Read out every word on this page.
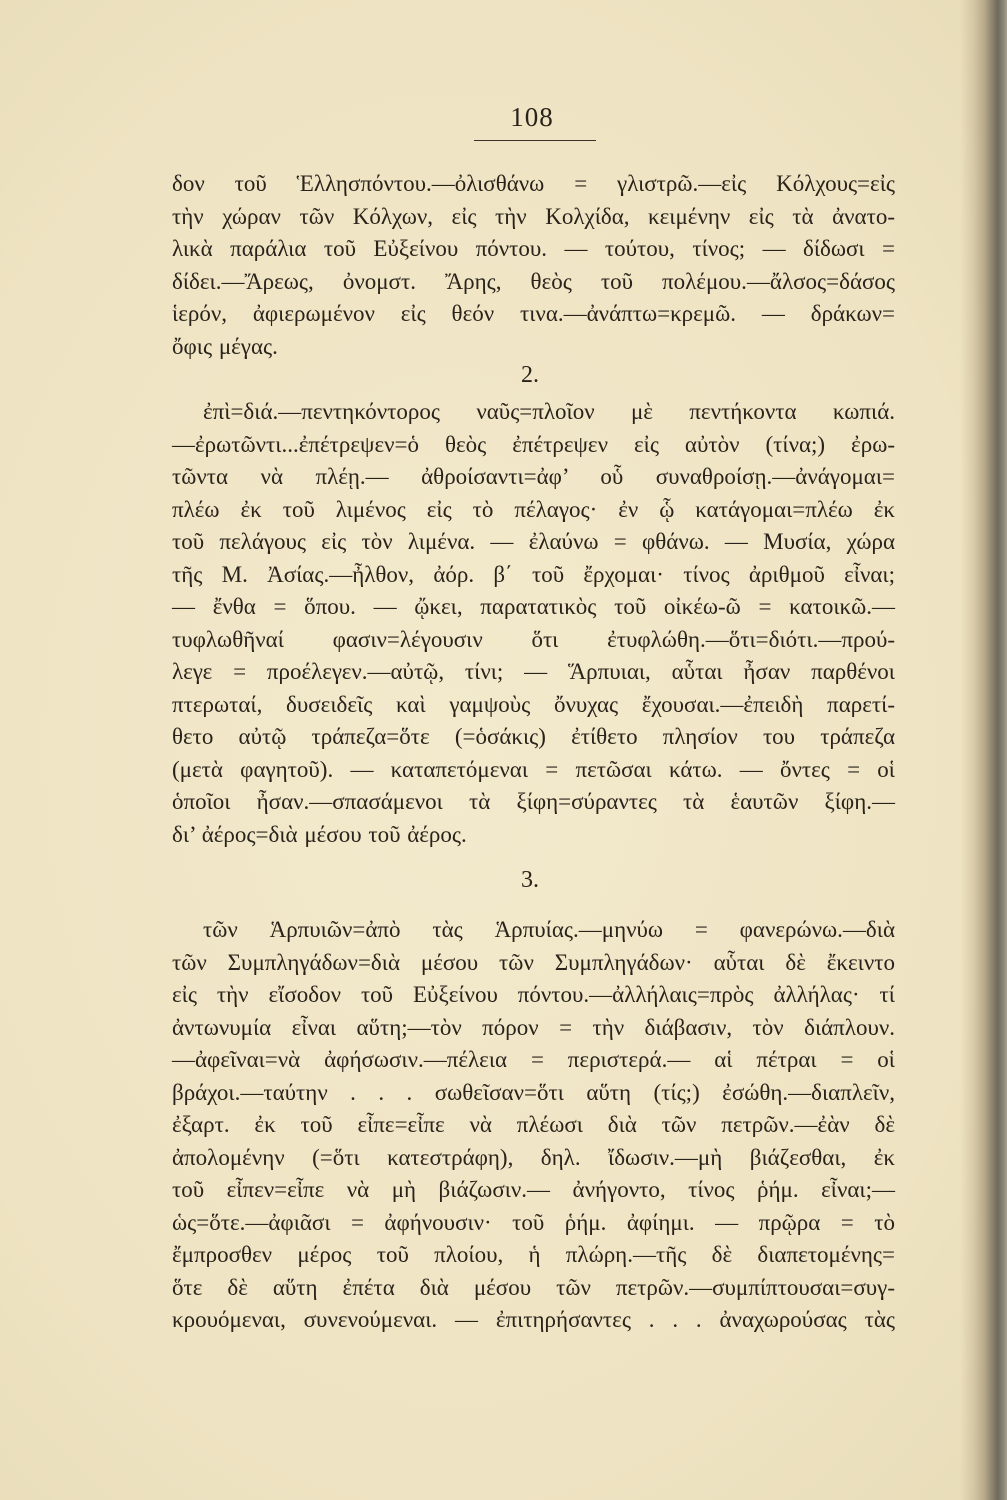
108
δον τοῦ Ἑλλησπόντου.—ὀλισθάνω = γλιστρῶ.—εἰς Κόλχους=εἰς
τὴν χώραν τῶν Κόλχων, εἰς τὴν Κολχίδα, κειμένην εἰς τὰ ἀνατο-
λικὰ παράλια τοῦ Εὐξείνου πόντου. — τούτου, τίνος; — δίδωσι =
δίδει.—Ἄρεως, ὀνομστ. Ἄρης, θεὸς τοῦ πολέμου.—ἄλσος=δάσος
ἱερόν, ἀφιερωμένον εἰς θεόν τινα.—ἀνάπτω=κρεμῶ. — δράκων=
ὄφις μέγας.
2.
ἐπὶ=διά.—πεντηκόντορος ναῦς=πλοῖον μὲ πεντήκοντα κωπιά.
—ἐρωτῶντι...ἐπέτρεψεν=ὁ θεὸς ἐπέτρεψεν εἰς αὐτὸν (τίνα;) ἐρω-
τῶντα νὰ πλέῃ.— ἀθροίσαντι=ἀφ’ οὗ συναθροίσῃ.—ἀνάγομαι=
πλέω ἐκ τοῦ λιμένος εἰς τὸ πέλαγος· ἐν ᾧ κατάγομαι=πλέω ἐκ
τοῦ πελάγους εἰς τὸν λιμένα. — ἐλαύνω = φθάνω. — Μυσία, χώρα
τῆς Μ. Ἀσίας.—ἦλθον, ἀόρ. β΄ τοῦ ἔρχομαι· τίνος ἀριθμοῦ εἶναι;
— ἔνθα = ὅπου. — ᾤκει, παρατατικὸς τοῦ οἰκέω-ῶ = κατοικῶ.—
τυφλωθῆναί φασιν=λέγουσιν ὅτι ἐτυφλώθη.—ὅτι=διότι.—πρού-
λεγε = προέλεγεν.—αὐτῷ, τίνι; — Ἅρπυιαι, αὗται ἦσαν παρθένοι
πτερωταί, δυσειδεῖς καὶ γαμψοὺς ὄνυχας ἔχουσαι.—ἐπειδὴ παρετί-
θετο αὐτῷ τράπεζα=ὅτε (=ὁσάκις) ἐτίθετο πλησίον του τράπεζα
(μετὰ φαγητοῦ). — καταπετόμεναι = πετῶσαι κάτω. — ὄντες = οἱ
ὁποῖοι ἦσαν.—σπασάμενοι τὰ ξίφη=σύραντες τὰ ἑαυτῶν ξίφη.—
δι’ ἀέρος=διὰ μέσου τοῦ ἀέρος.
3.
τῶν Ἁρπυιῶν=ἀπὸ τὰς Ἁρπυίας.—μηνύω = φανερώνω.—διὰ
τῶν Συμπληγάδων=διὰ μέσου τῶν Συμπληγάδων· αὗται δὲ ἔκειντο
εἰς τὴν εἴσοδον τοῦ Εὐξείνου πόντου.—ἀλλήλαις=πρὸς ἀλλήλας· τί
ἀντωνυμία εἶναι αὕτη;—τὸν πόρον = τὴν διάβασιν, τὸν διάπλουν.
—ἀφεῖναι=νὰ ἀφήσωσιν.—πέλεια = περιστερά.— αἱ πέτραι = οἱ
βράχοι.—ταύτην . . . σωθεῖσαν=ὅτι αὕτη (τίς;) ἐσώθη.—διαπλεῖν,
ἐξαρτ. ἐκ τοῦ εἶπε=εἶπε νὰ πλέωσι διὰ τῶν πετρῶν.—ἐὰν δὲ
ἀπολομένην (=ὅτι κατεστράφη), δηλ. ἴδωσιν.—μὴ βιάζεσθαι, ἐκ
τοῦ εἶπεν=εἶπε νὰ μὴ βιάζωσιν.— ἀνήγοντο, τίνος ῥήμ. εἶναι;—
ὡς=ὅτε.—ἀφιᾶσι = ἀφήνουσιν· τοῦ ῥήμ. ἀφίημι. — πρῷρα = τὸ
ἔμπροσθεν μέρος τοῦ πλοίου, ἡ πλώρη.—τῆς δὲ διαπετομένης=
ὅτε δὲ αὕτη ἐπέτα διὰ μέσου τῶν πετρῶν.—συμπίπτουσαι=συγ-
κρουόμεναι, συνενούμεναι. — ἐπιτηρήσαντες . . . ἀναχωρούσας τὰς
